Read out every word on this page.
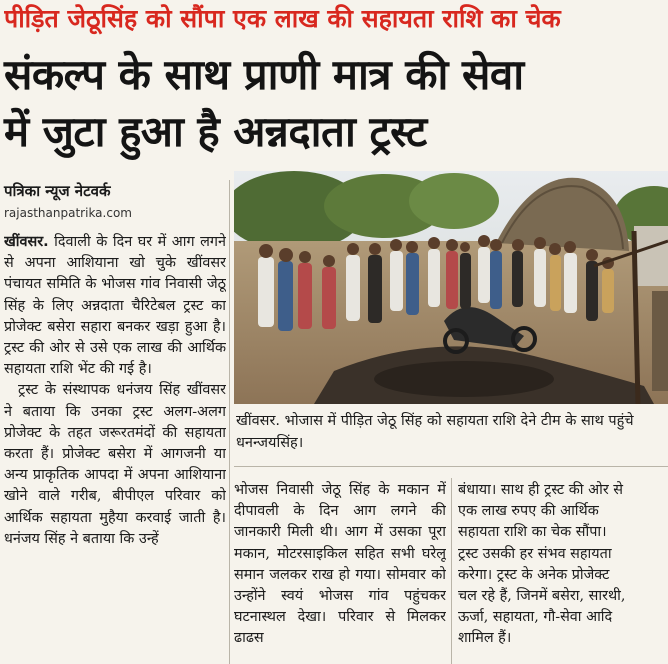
पीड़ित जेठूसिंह को सौंपा एक लाख की सहायता राशि का चेक
संकल्प के साथ प्राणी मात्र की सेवा
में जुटा हुआ है अन्नदाता ट्रस्ट
पत्रिका न्यूज नेटवर्क
rajasthanpatrika.com

खींवसर. दिवाली के दिन घर में आग लगने से अपना आशियाना खो चुके खींवसर पंचायत समिति के भोजस गांव निवासी जेठू सिंह के लिए अन्नदाता चैरिटेबल ट्रस्ट का प्रोजेक्ट बसेरा सहारा बनकर खड़ा हुआ है। ट्रस्ट की ओर से उसे एक लाख की आर्थिक सहायता राशि भेंट की गई है।

ट्रस्ट के संस्थापक धनंजय सिंह खींवसर ने बताया कि उनका ट्रस्ट अलग-अलग प्रोजेक्ट के तहत जरूरतमंदों की सहायता करता हैं। प्रोजेक्ट बसेरा में आगजनी या अन्य प्राकृतिक आपदा में अपना आशियाना खोने वाले गरीब, बीपीएल परिवार को आर्थिक सहायता मुहैया करवाई जाती है। धनंजय सिंह ने बताया कि उन्हें

खींवसर. भोजास में पीड़ित जेठू सिंह को सहायता राशि देने टीम के साथ पहुंचे धनन्जयसिंह।

भोजस निवासी जेठू सिंह के मकान में दीपावली के दिन आग लगने की जानकारी मिली थी। आग में उसका पूरा मकान, मोटरसाइकिल सहित सभी घरेलू समान जलकर राख हो गया। सोमवार को उन्होंने स्वयं भोजस गांव पहुंचकर घटनास्थल देखा। परिवार से मिलकर ढाढस

बंधाया। साथ ही ट्रस्ट की ओर से
एक लाख रुपए की आर्थिक
सहायता राशि का चेक सौंपा।
ट्रस्ट उसकी हर संभव सहायता
करेगा। ट्रस्ट के अनेक प्रोजेक्ट
चल रहे हैं, जिनमें बसेरा, सारथी,
ऊर्जा, सहायता, गौ-सेवा आदि
शामिल हैं।
